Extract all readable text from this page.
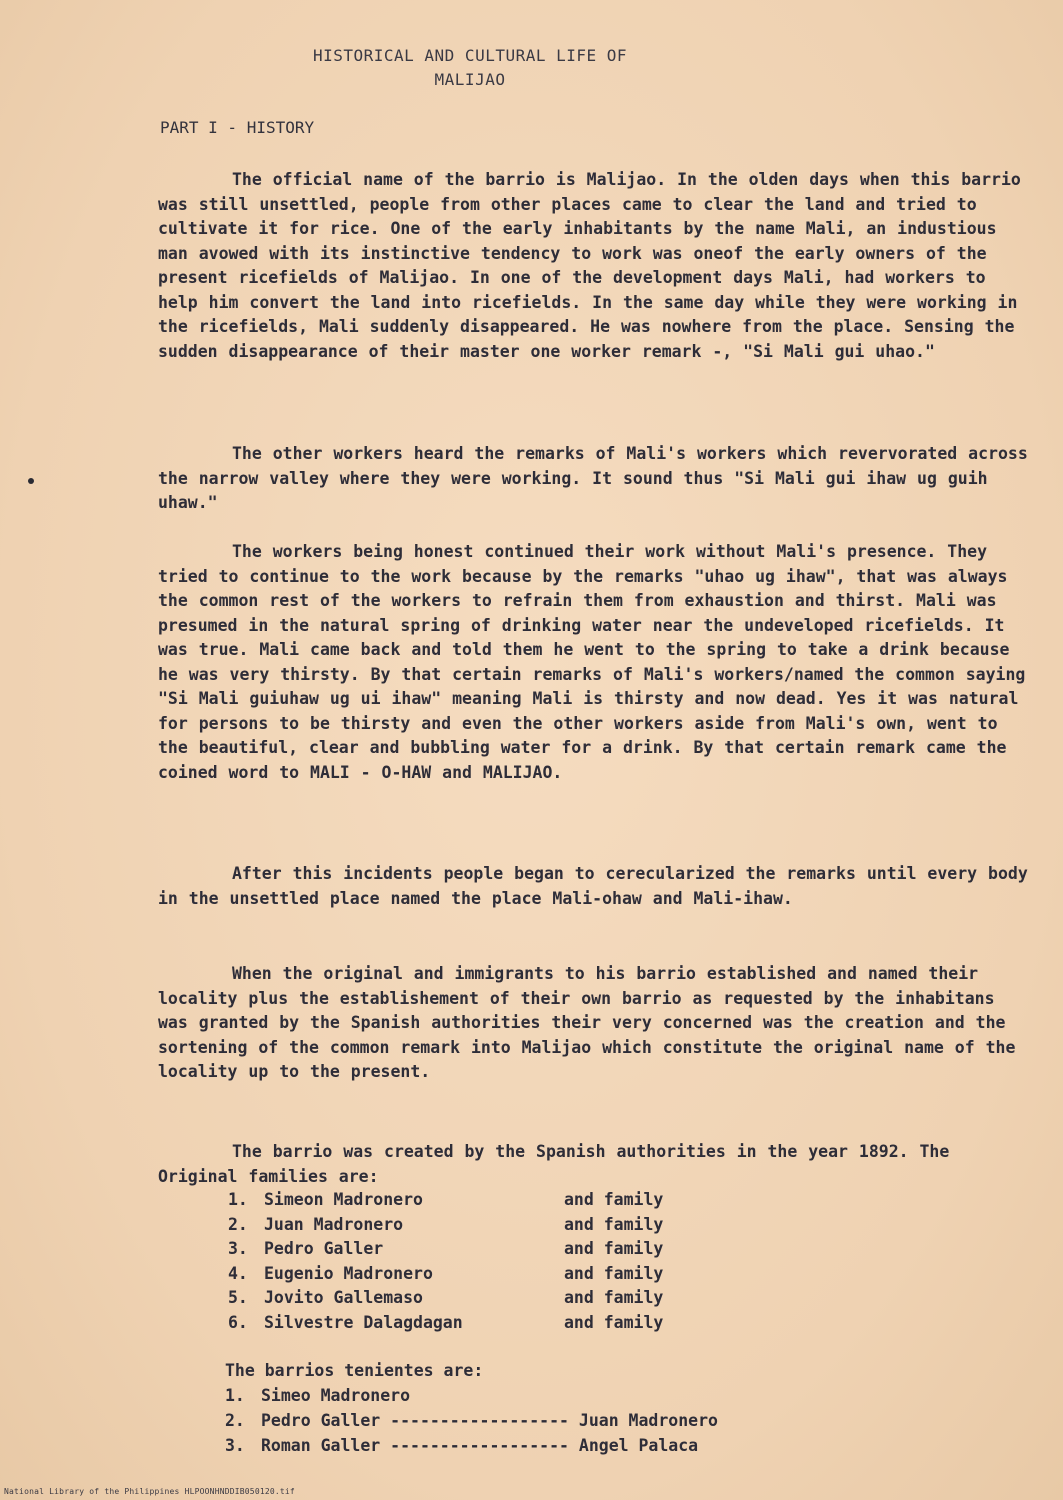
HISTORICAL AND CULTURAL LIFE OF
MALIJAO
PART I - HISTORY
The official name of the barrio is Malijao. In the olden days when this barrio was still unsettled, people from other places came to clear the land and tried to cultivate it for rice. One of the early inhabitants by the name Mali, an industious man avowed with its instinctive tendency to work was oneof the early owners of the present ricefields of Malijao. In one of the development days Mali, had workers to help him convert the land into ricefields. In the same day while they were working in the ricefields, Mali suddenly disappeared. He was nowhere from the place. Sensing the sudden disappearance of their master one worker remark -, "Si Mali gui uhao."
The other workers heard the remarks of Mali's workers which revervorated across the narrow valley where they were working. It sound thus "Si Mali gui ihaw ug guih uhaw."
The workers being honest continued their work without Mali's presence. They tried to continue to the work because by the remarks "uhao ug ihaw", that was always the common rest of the workers to refrain them from exhaustion and thirst. Mali was presumed in the natural spring of drinking water near the undeveloped ricefields. It was true. Mali came back and told them he went to the spring to take a drink because he was very thirsty. By that certain remarks of Mali's workers/named the common saying "Si Mali guiuhaw ug ui ihaw" meaning Mali is thirsty and now dead. Yes it was natural for persons to be thirsty and even the other workers aside from Mali's own, went to the beautiful, clear and bubbling water for a drink. By that certain remark came the coined word to MALI - O-HAW and MALIJAO.
After this incidents people began to cerecularized the remarks until every body in the unsettled place named the place Mali-ohaw and Mali-ihaw.
When the original and immigrants to his barrio established and named their locality plus the establishement of their own barrio as requested by the inhabitans was granted by the Spanish authorities their very concerned was the creation and the sortening of the common remark into Malijao which constitute the original name of the locality up to the present.
The barrio was created by the Spanish authorities in the year 1892. The Original families are:
1. Simeon Madronero	and family
2. Juan Madronero	and family
3. Pedro Galler	and family
4. Eugenio Madronero	and family
5. Jovito Gallemaso	and family
6. Silvestre Dalagdagan	and family
The barrios tenientes are:
1. Simeo Madronero
2. Pedro Galler ------------------ Juan Madronero
3. Roman Galler ------------------ Angel Palaca
National Library of the Philippines HLPOONHNDDIB050120.tif
